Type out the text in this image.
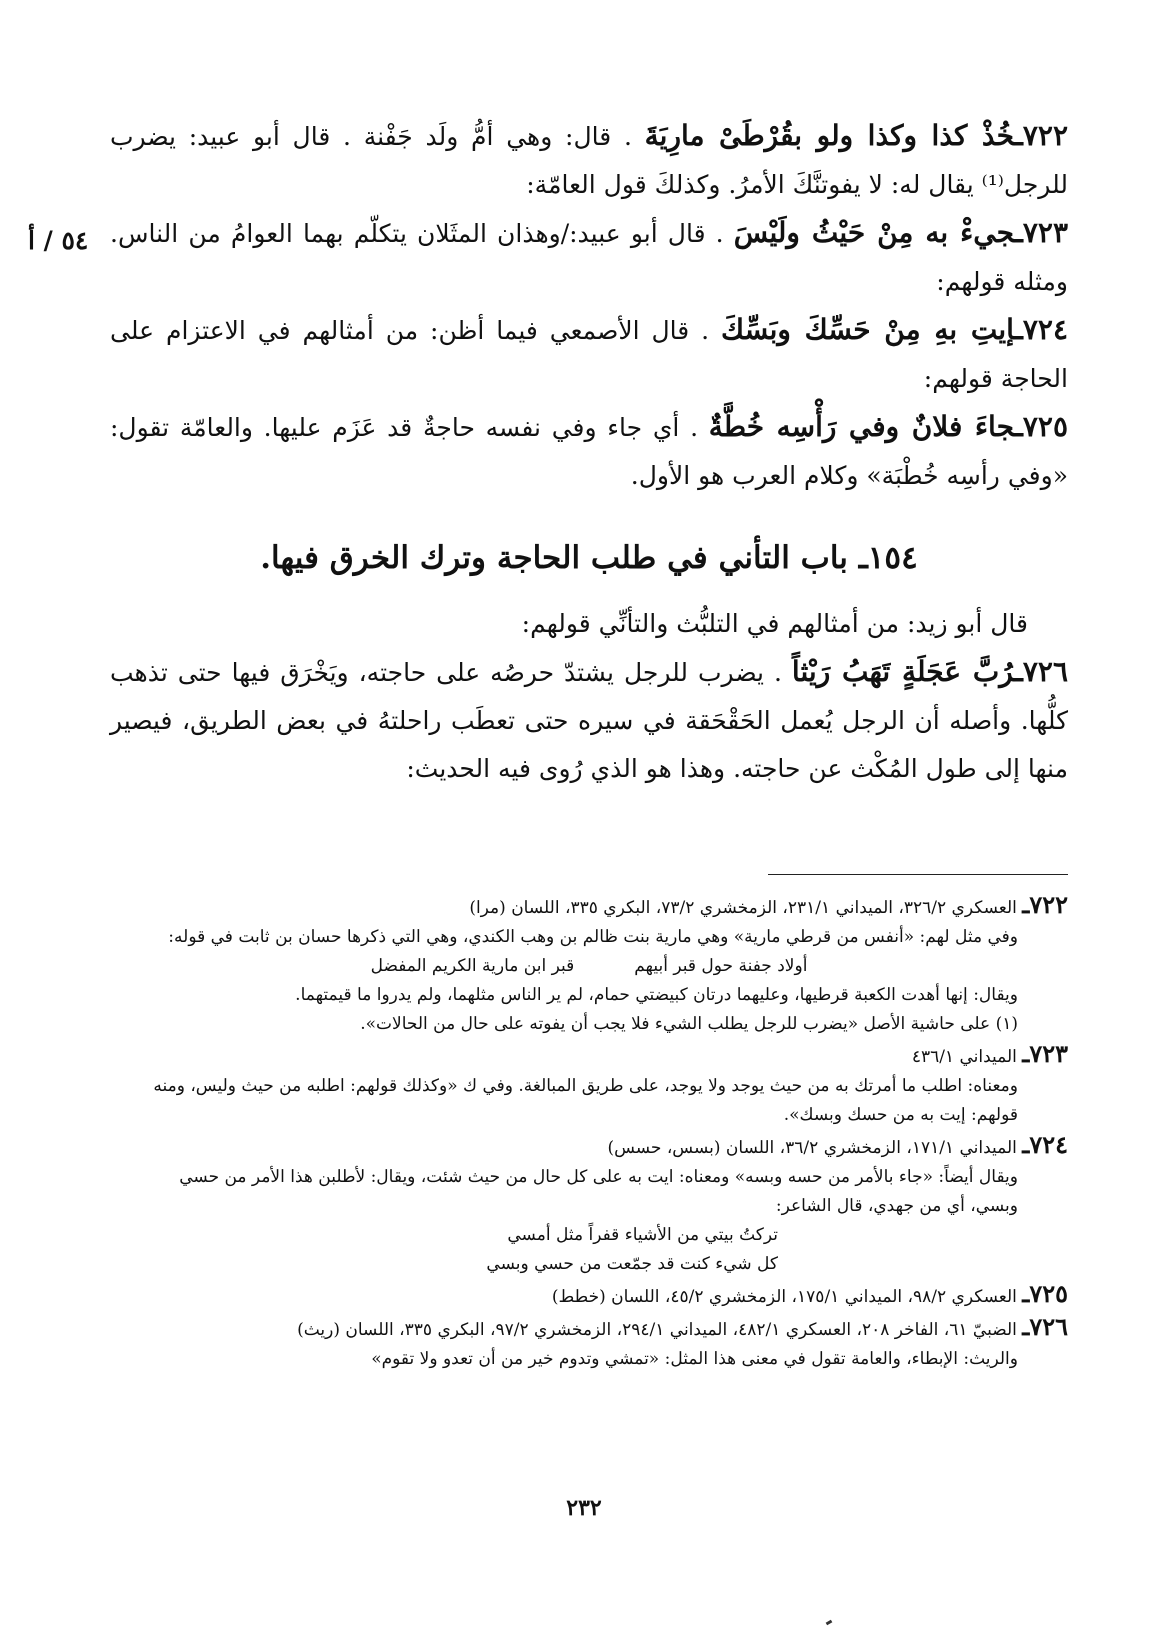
٥٤ / أ

٧٢٢ـخُذْ كذا وكذا ولو بقُرْطَىْ مارِيَةَ . قال: وهي أمُّ ولَد جَفْنة . قال أبو عبيد: يضرب للرجل⁽¹⁾ يقال له: لا يفوتنَّكَ الأمرُ. وكذلكَ قول العامّة:

٧٢٣ـجيءْ به مِنْ حَيْثُ ولَيْسَ . قال أبو عبيد:/وهذان المثَلان يتكلّم بهما العوامُ من الناس. ومثله قولهم:

٧٢٤ـإيتِ بهِ مِنْ حَسِّكَ وبَسِّكَ . قال الأصمعي فيما أظن: من أمثالهم في الاعتزام على الحاجة قولهم:

٧٢٥ـجاءَ فلانٌ وفي رَأْسِه خُطَّةٌ . أي جاء وفي نفسه حاجةٌ قد عَزَم عليها. والعامّة تقول: «وفي رأسِه خُطْبَة» وكلام العرب هو الأول.

١٥٤ـ باب التأني في طلب الحاجة وترك الخرق فيها.

قال أبو زيد: من أمثالهم في التلبُّث والتأنِّي قولهم:

٧٢٦ـرُبَّ عَجَلَةٍ تَهَبُ رَيْثاً . يضرب للرجل يشتدّ حرصُه على حاجته، ويَخْرَق فيها حتى تذهب كلُّها. وأصله أن الرجل يُعمل الحَقْحَقة في سيره حتى تعطَب راحلتهُ في بعض الطريق، فيصير منها إلى طول المُكْث عن حاجته. وهذا هو الذي رُوى فيه الحديث:

٧٢٢ـ العسكري ٣٢٦/٢، الميداني ٢٣١/١، الزمخشري ٧٣/٢، البكري ٣٣٥، اللسان (مرا)

وفي مثل لهم: «أنفس من قرطي مارية» وهي مارية بنت ظالم بن وهب الكندي، وهي التي ذكرها حسان بن ثابت في قوله:

أولاد جفنة حول قبر أبيهم
قبر ابن مارية الكريم المفضل

ويقال: إنها أهدت الكعبة قرطيها، وعليهما درتان كبيضتي حمام، لم ير الناس مثلهما، ولم يدروا ما قيمتهما.

(١) على حاشية الأصل «يضرب للرجل يطلب الشيء فلا يجب أن يفوته على حال من الحالات».

٧٢٣ـ الميداني ٤٣٦/١

ومعناه: اطلب ما أمرتك به من حيث يوجد ولا يوجد، على طريق المبالغة. وفي ك «وكذلك قولهم: اطلبه من حيث وليس، ومنه

قولهم: إيت به من حسك وبسك».

٧٢٤ـ الميداني ١٧١/١، الزمخشري ٣٦/٢، اللسان (بسس، حسس)

ويقال أيضاً: «جاء بالأمر من حسه وبسه» ومعناه: ايت به على كل حال من حيث شئت، ويقال: لأطلبن هذا الأمر من حسي

وبسي، أي من جهدي، قال الشاعر:

تركتُ بيتي من الأشياء قفراً مثل أمسي

كل شيء كنت قد جمّعت من حسي وبسي

٧٢٥ـ العسكري ٩٨/٢، الميداني ١٧٥/١، الزمخشري ٤٥/٢، اللسان (خطط)

٧٢٦ـ الضبيّ ٦١، الفاخر ٢٠٨، العسكري ٤٨٢/١، الميداني ٢٩٤/١، الزمخشري ٩٧/٢، البكري ٣٣٥، اللسان (ريث)

والريث: الإبطاء، والعامة تقول في معنى هذا المثل: «تمشي وتدوم خير من أن تعدو ولا تقوم»

٢٣٢
